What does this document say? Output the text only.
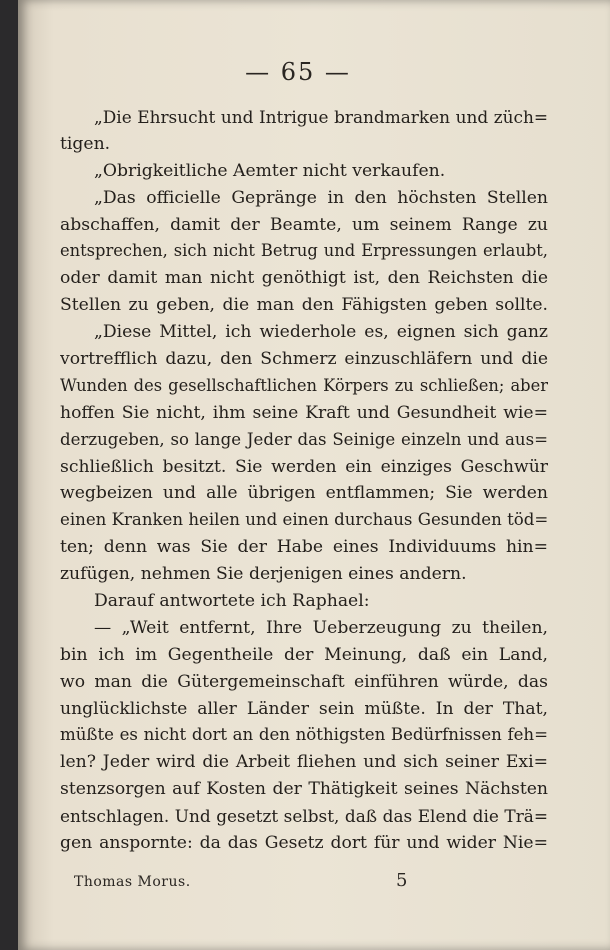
— 65 —
„Die Ehrsucht und Intrigue brandmarken und züch=
tigen.
„Obrigkeitliche Aemter nicht verkaufen.
„Das officielle Gepränge in den höchsten Stellen
abschaffen, damit der Beamte, um seinem Range zu
entsprechen, sich nicht Betrug und Erpressungen erlaubt,
oder damit man nicht genöthigt ist, den Reichsten die
Stellen zu geben, die man den Fähigsten geben sollte.
„Diese Mittel, ich wiederhole es, eignen sich ganz
vortrefflich dazu, den Schmerz einzuschläfern und die
Wunden des gesellschaftlichen Körpers zu schließen; aber
hoffen Sie nicht, ihm seine Kraft und Gesundheit wie=
derzugeben, so lange Jeder das Seinige einzeln und aus=
schließlich besitzt. Sie werden ein einziges Geschwür
wegbeizen und alle übrigen entflammen; Sie werden
einen Kranken heilen und einen durchaus Gesunden töd=
ten; denn was Sie der Habe eines Individuums hin=
zufügen, nehmen Sie derjenigen eines andern.
Darauf antwortete ich Raphael:
— „Weit entfernt, Ihre Ueberzeugung zu theilen,
bin ich im Gegentheile der Meinung, daß ein Land,
wo man die Gütergemeinschaft einführen würde, das
unglücklichste aller Länder sein müßte. In der That,
müßte es nicht dort an den nöthigsten Bedürfnissen feh=
len? Jeder wird die Arbeit fliehen und sich seiner Exi=
stenzsorgen auf Kosten der Thätigkeit seines Nächsten
entschlagen. Und gesetzt selbst, daß das Elend die Trä=
gen anspornte: da das Gesetz dort für und wider Nie=
Thomas Morus.	5
